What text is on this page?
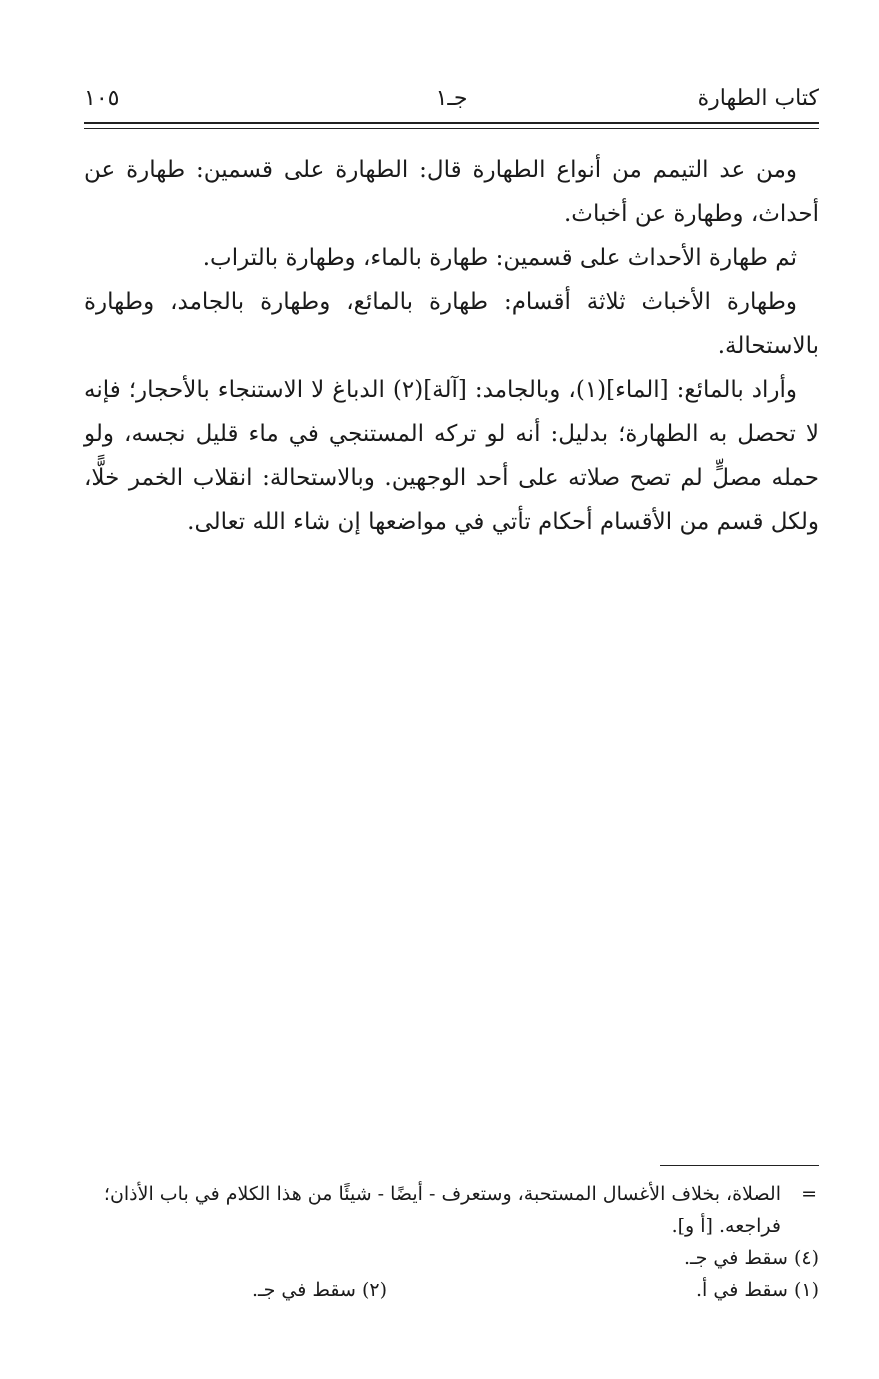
كتاب الطهارة
جـ١
١٠٥

ومن عد التيمم من أنواع الطهارة قال: الطهارة على قسمين: طهارة عن أحداث، وطهارة عن أخباث.

ثم طهارة الأحداث على قسمين: طهارة بالماء، وطهارة بالتراب.

وطهارة الأخباث ثلاثة أقسام: طهارة بالمائع، وطهارة بالجامد، وطهارة بالاستحالة.

وأراد بالمائع: [الماء](١)، وبالجامد: [آلة](٢) الدباغ لا الاستنجاء بالأحجار؛ فإنه لا تحصل به الطهارة؛ بدليل: أنه لو تركه المستنجي في ماء قليل نجسه، ولو حمله مصلٍّ لم تصح صلاته على أحد الوجهين. وبالاستحالة: انقلاب الخمر خلًّا، ولكل قسم من الأقسام أحكام تأتي في مواضعها إن شاء الله تعالى.

=
الصلاة، بخلاف الأغسال المستحبة، وستعرف - أيضًا - شيئًا من هذا الكلام في باب الأذان؛
فراجعه. [أ و].
(٤) سقط في جـ.
(١) سقط في أ.
(٢) سقط في جـ.
